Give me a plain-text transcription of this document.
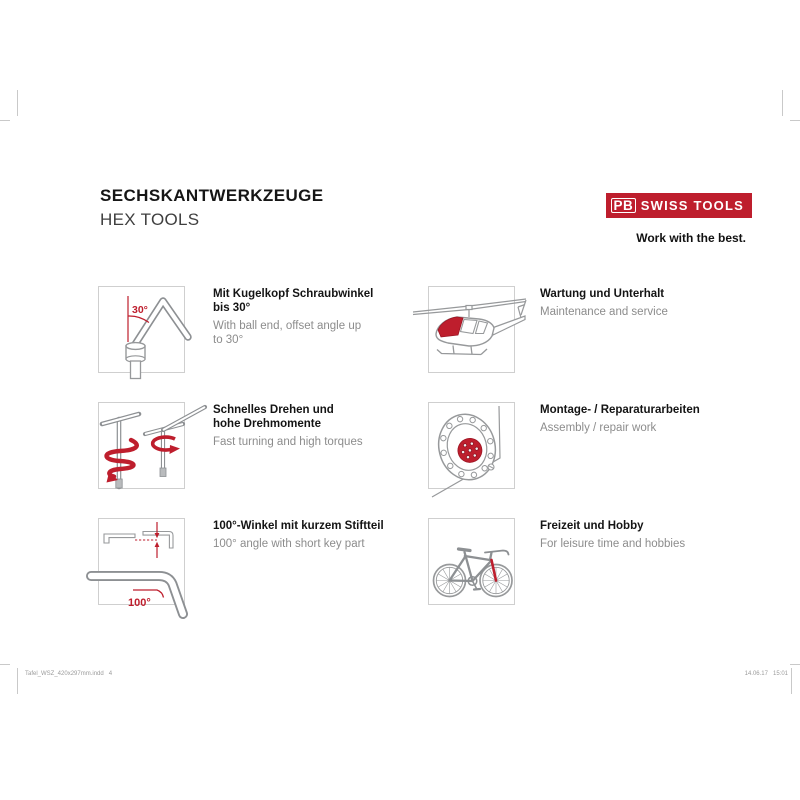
SECHSKANTWERKZEUGE
HEX TOOLS
PB SWISS TOOLS
Work with the best.
30°
Mit Kugelkopf Schraubwinkel
bis 30°
With ball end, offset angle up
to 30°
Wartung und Unterhalt
Maintenance and service
Schnelles Drehen und
hohe Drehmomente
Fast turning and high torques
Montage- / Reparaturarbeiten
Assembly / repair work
100°
100°-Winkel mit kurzem Stiftteil
100° angle with short key part
Freizeit und Hobby
For leisure time and hobbies
Tafel_WSZ_420x297mm.indd   4	14.06.17   15:01
